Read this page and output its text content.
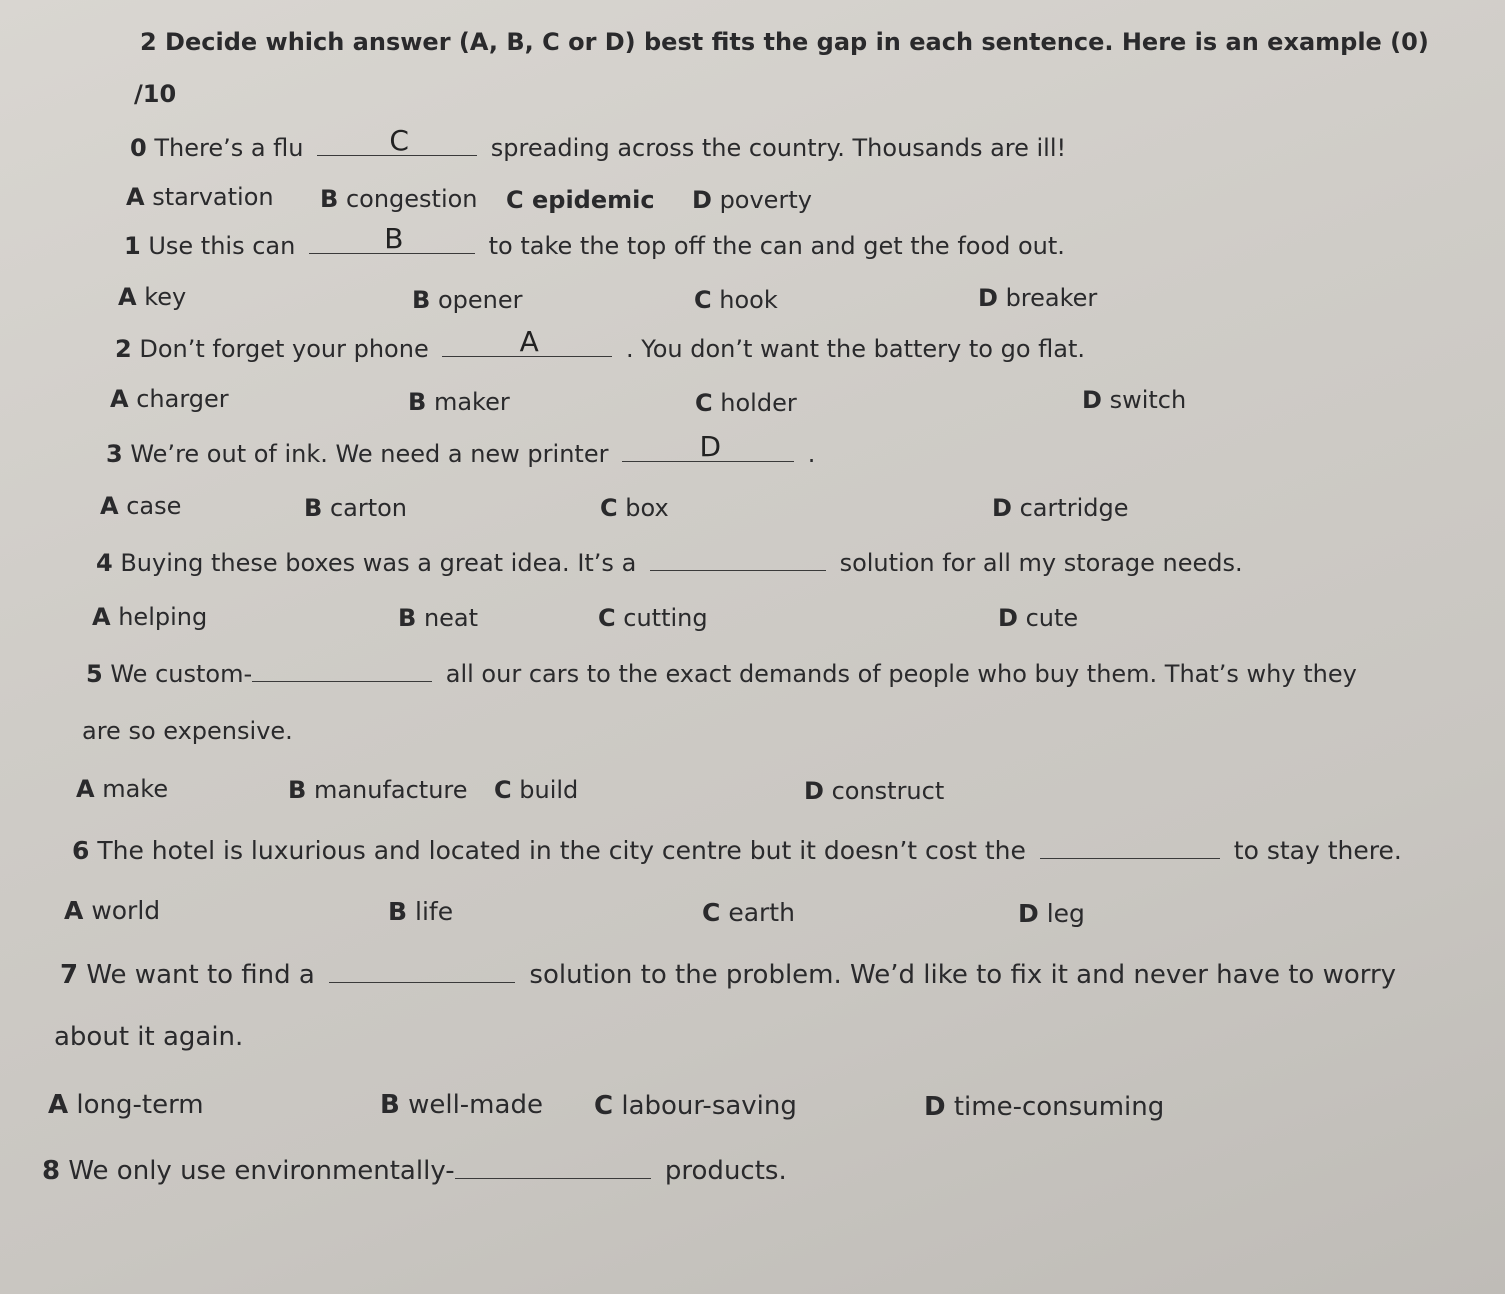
2 Decide which answer (A, B, C or D) best fits the gap in each sentence. Here is an example (0)
/10
0 There’s a flu	C	spreading across the country. Thousands are ill!
A starvation B congestion C epidemic D poverty
1 Use this can	B	to take the top off the can and get the food out.
A key	B opener	C hook	D breaker
2 Don’t forget your phone	A	. You don’t want the battery to go flat.
A charger	B maker	C holder	D switch
3 We’re out of ink. We need a new printer	D	.
A case	B carton	C box	D cartridge
4 Buying these boxes was a great idea. It’s a	solution for all my storage needs.
A helping	B neat	C cutting	D cute
5 We custom-	all our cars to the exact demands of people who buy them. That’s why they
are so expensive.
A make	B manufacture C build	D construct
6 The hotel is luxurious and located in the city centre but it doesn’t cost the	to stay there.
A world	B life	C earth	D leg
7 We want to find a	solution to the problem. We’d like to fix it and never have to worry
about it again.
A long-term	B well-made C labour-saving	D time-consuming
8 We only use environmentally-	products.
